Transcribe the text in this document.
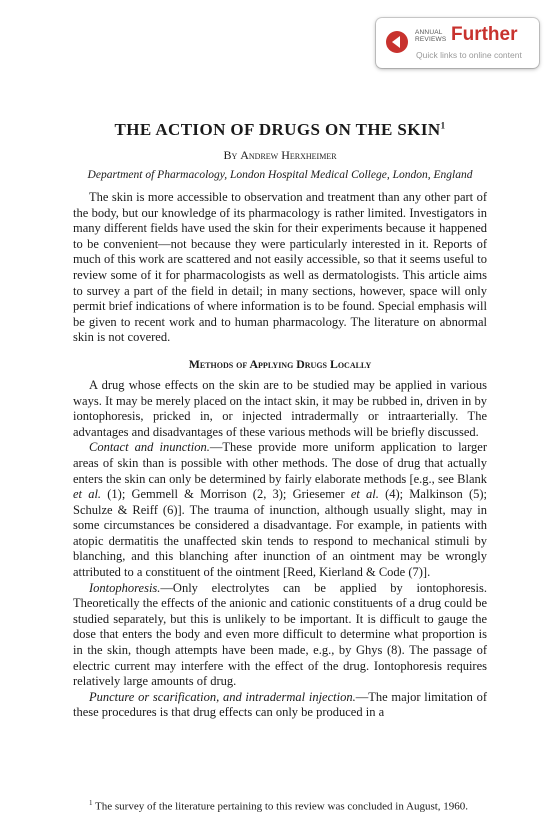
ANNUAL
REVIEWS Further
Quick links to online content
THE ACTION OF DRUGS ON THE SKIN$^1$

By Andrew Herxheimer

Department of Pharmacology, London Hospital Medical College, London, England

The skin is more accessible to observation and treatment than any other part of the body, but our knowledge of its pharmacology is rather limited. Investigators in many different fields have used the skin for their experiments because it happened to be convenient—not because they were particularly interested in it. Reports of much of this work are scattered and not easily accessible, so that it seems useful to review some of it for pharmacologists as well as dermatologists. This article aims to survey a part of the field in detail; in many sections, however, space will only permit brief indications of where information is to be found. Special emphasis will be given to recent work and to human pharmacology. The literature on abnormal skin is not covered.

Methods of Applying Drugs Locally

A drug whose effects on the skin are to be studied may be applied in various ways. It may be merely placed on the intact skin, it may be rubbed in, driven in by iontophoresis, pricked in, or injected intradermally or intraarterially. The advantages and disadvantages of these various methods will be briefly discussed.

Contact and inunction.—These provide more uniform application to larger areas of skin than is possible with other methods. The dose of drug that actually enters the skin can only be determined by fairly elaborate methods [e.g., see Blank et al. (1); Gemmell & Morrison (2, 3); Griesemer et al. (4); Malkinson (5); Schulze & Reiff (6)]. The trauma of inunction, although usually slight, may in some circumstances be considered a disadvantage. For example, in patients with atopic dermatitis the unaffected skin tends to respond to mechanical stimuli by blanching, and this blanching after inunction of an ointment may be wrongly attributed to a constituent of the ointment [Reed, Kierland & Code (7)].

Iontophoresis.—Only electrolytes can be applied by iontophoresis. Theoretically the effects of the anionic and cationic constituents of a drug could be studied separately, but this is unlikely to be important. It is difficult to gauge the dose that enters the body and even more difficult to determine what proportion is in the skin, though attempts have been made, e.g., by Ghys (8). The passage of electric current may interfere with the effect of the drug. Iontophoresis requires relatively large amounts of drug.

Puncture or scarification, and intradermal injection.—The major limitation of these procedures is that drug effects can only be produced in a

$^1$ The survey of the literature pertaining to this review was concluded in August, 1960.
